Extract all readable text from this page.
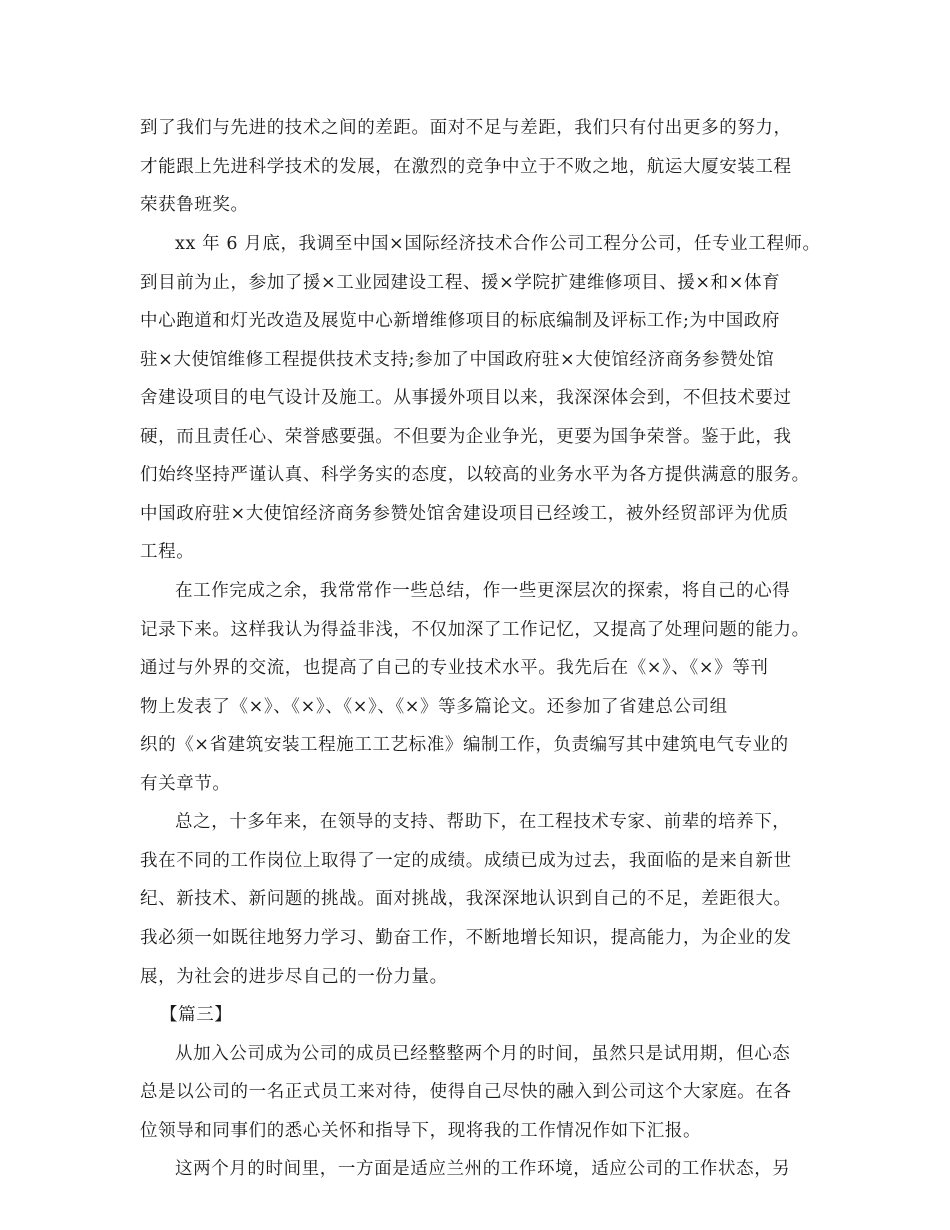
到了我们与先进的技术之间的差距。面对不足与差距，我们只有付出更多的努力，
才能跟上先进科学技术的发展，在激烈的竞争中立于不败之地，航运大厦安装工程
荣获鲁班奖。
xx 年 6 月底，我调至中国×国际经济技术合作公司工程分公司，任专业工程师。
到目前为止，参加了援×工业园建设工程、援×学院扩建维修项目、援×和×体育
中心跑道和灯光改造及展览中心新增维修项目的标底编制及评标工作;为中国政府
驻×大使馆维修工程提供技术支持;参加了中国政府驻×大使馆经济商务参赞处馆
舍建设项目的电气设计及施工。从事援外项目以来，我深深体会到，不但技术要过
硬，而且责任心、荣誉感要强。不但要为企业争光，更要为国争荣誉。鉴于此，我
们始终坚持严谨认真、科学务实的态度，以较高的业务水平为各方提供满意的服务。
中国政府驻×大使馆经济商务参赞处馆舍建设项目已经竣工，被外经贸部评为优质
工程。
在工作完成之余，我常常作一些总结，作一些更深层次的探索，将自己的心得
记录下来。这样我认为得益非浅，不仅加深了工作记忆，又提高了处理问题的能力。
通过与外界的交流，也提高了自己的专业技术水平。我先后在《×》、《×》等刊
物上发表了《×》、《×》、《×》、《×》等多篇论文。还参加了省建总公司组
织的《×省建筑安装工程施工工艺标准》编制工作，负责编写其中建筑电气专业的
有关章节。
总之，十多年来，在领导的支持、帮助下，在工程技术专家、前辈的培养下，
我在不同的工作岗位上取得了一定的成绩。成绩已成为过去，我面临的是来自新世
纪、新技术、新问题的挑战。面对挑战，我深深地认识到自己的不足，差距很大。
我必须一如既往地努力学习、勤奋工作，不断地增长知识，提高能力，为企业的发
展，为社会的进步尽自己的一份力量。
【篇三】
从加入公司成为公司的成员已经整整两个月的时间，虽然只是试用期，但心态
总是以公司的一名正式员工来对待，使得自己尽快的融入到公司这个大家庭。在各
位领导和同事们的悉心关怀和指导下，现将我的工作情况作如下汇报。
这两个月的时间里，一方面是适应兰州的工作环境，适应公司的工作状态，另
